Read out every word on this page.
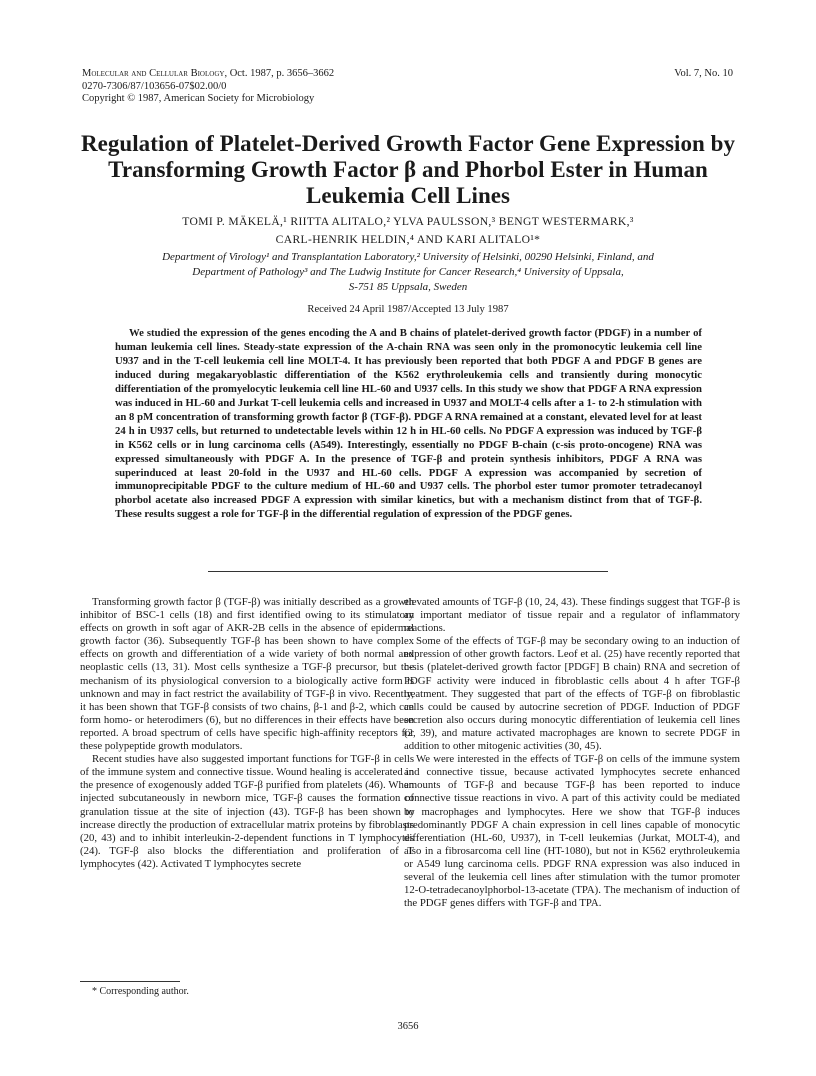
Molecular and Cellular Biology, Oct. 1987, p. 3656–3662
0270-7306/87/103656-07$02.00/0
Copyright © 1987, American Society for Microbiology
Vol. 7, No. 10
Regulation of Platelet-Derived Growth Factor Gene Expression by Transforming Growth Factor β and Phorbol Ester in Human Leukemia Cell Lines
TOMI P. MÄKELÄ,¹ RIITTA ALITALO,² YLVA PAULSSON,³ BENGT WESTERMARK,³
CARL-HENRIK HELDIN,⁴ AND KARI ALITALO¹*
Department of Virology¹ and Transplantation Laboratory,² University of Helsinki, 00290 Helsinki, Finland, and
Department of Pathology³ and The Ludwig Institute for Cancer Research,⁴ University of Uppsala,
S-751 85 Uppsala, Sweden
Received 24 April 1987/Accepted 13 July 1987
We studied the expression of the genes encoding the A and B chains of platelet-derived growth factor (PDGF) in a number of human leukemia cell lines. Steady-state expression of the A-chain RNA was seen only in the promonocytic leukemia cell line U937 and in the T-cell leukemia cell line MOLT-4. It has previously been reported that both PDGF A and PDGF B genes are induced during megakaryoblastic differentiation of the K562 erythroleukemia cells and transiently during monocytic differentiation of the promyelocytic leukemia cell line HL-60 and U937 cells. In this study we show that PDGF A RNA expression was induced in HL-60 and Jurkat T-cell leukemia cells and increased in U937 and MOLT-4 cells after a 1- to 2-h stimulation with an 8 pM concentration of transforming growth factor β (TGF-β). PDGF A RNA remained at a constant, elevated level for at least 24 h in U937 cells, but returned to undetectable levels within 12 h in HL-60 cells. No PDGF A expression was induced by TGF-β in K562 cells or in lung carcinoma cells (A549). Interestingly, essentially no PDGF B-chain (c-sis proto-oncogene) RNA was expressed simultaneously with PDGF A. In the presence of TGF-β and protein synthesis inhibitors, PDGF A RNA was superinduced at least 20-fold in the U937 and HL-60 cells. PDGF A expression was accompanied by secretion of immunoprecipitable PDGF to the culture medium of HL-60 and U937 cells. The phorbol ester tumor promoter tetradecanoyl phorbol acetate also increased PDGF A expression with similar kinetics, but with a mechanism distinct from that of TGF-β. These results suggest a role for TGF-β in the differential regulation of expression of the PDGF genes.

Transforming growth factor β (TGF-β) was initially described as a growth inhibitor of BSC-1 cells (18) and first identified owing to its stimulatory effects on growth in soft agar of AKR-2B cells in the absence of epidermal growth factor (36). Subsequently TGF-β has been shown to have complex effects on growth and differentiation of a wide variety of both normal and neoplastic cells (13, 31). Most cells synthesize a TGF-β precursor, but the mechanism of its physiological conversion to a biologically active form is unknown and may in fact restrict the availability of TGF-β in vivo. Recently, it has been shown that TGF-β consists of two chains, β-1 and β-2, which can form homo- or heterodimers (6), but no differences in their effects have been reported. A broad spectrum of cells have specific high-affinity receptors for these polypeptide growth modulators.

Recent studies have also suggested important functions for TGF-β in cells of the immune system and connective tissue. Wound healing is accelerated in the presence of exogenously added TGF-β purified from platelets (46). When injected subcutaneously in newborn mice, TGF-β causes the formation of granulation tissue at the site of injection (43). TGF-β has been shown to increase directly the production of extracellular matrix proteins by fibroblasts (20, 43) and to inhibit interleukin-2-dependent functions in T lymphocytes (24). TGF-β also blocks the differentiation and proliferation of T lymphocytes (42). Activated T lymphocytes secrete

elevated amounts of TGF-β (10, 24, 43). These findings suggest that TGF-β is an important mediator of tissue repair and a regulator of inflammatory reactions.

Some of the effects of TGF-β may be secondary owing to an induction of expression of other growth factors. Leof et al. (25) have recently reported that c-sis (platelet-derived growth factor [PDGF] B chain) RNA and secretion of PDGF activity were induced in fibroblastic cells about 4 h after TGF-β treatment. They suggested that part of the effects of TGF-β on fibroblastic cells could be caused by autocrine secretion of PDGF. Induction of PDGF secretion also occurs during monocytic differentiation of leukemia cell lines (2, 39), and mature activated macrophages are known to secrete PDGF in addition to other mitogenic activities (30, 45).

We were interested in the effects of TGF-β on cells of the immune system and connective tissue, because activated lymphocytes secrete enhanced amounts of TGF-β and because TGF-β has been reported to induce connective tissue reactions in vivo. A part of this activity could be mediated by macrophages and lymphocytes. Here we show that TGF-β induces predominantly PDGF A chain expression in cell lines capable of monocytic differentiation (HL-60, U937), in T-cell leukemias (Jurkat, MOLT-4), and also in a fibrosarcoma cell line (HT-1080), but not in K562 erythroleukemia or A549 lung carcinoma cells. PDGF RNA expression was also induced in several of the leukemia cell lines after stimulation with the tumor promoter 12-O-tetradecanoylphorbol-13-acetate (TPA). The mechanism of induction of the PDGF genes differs with TGF-β and TPA.

* Corresponding author.
3656
